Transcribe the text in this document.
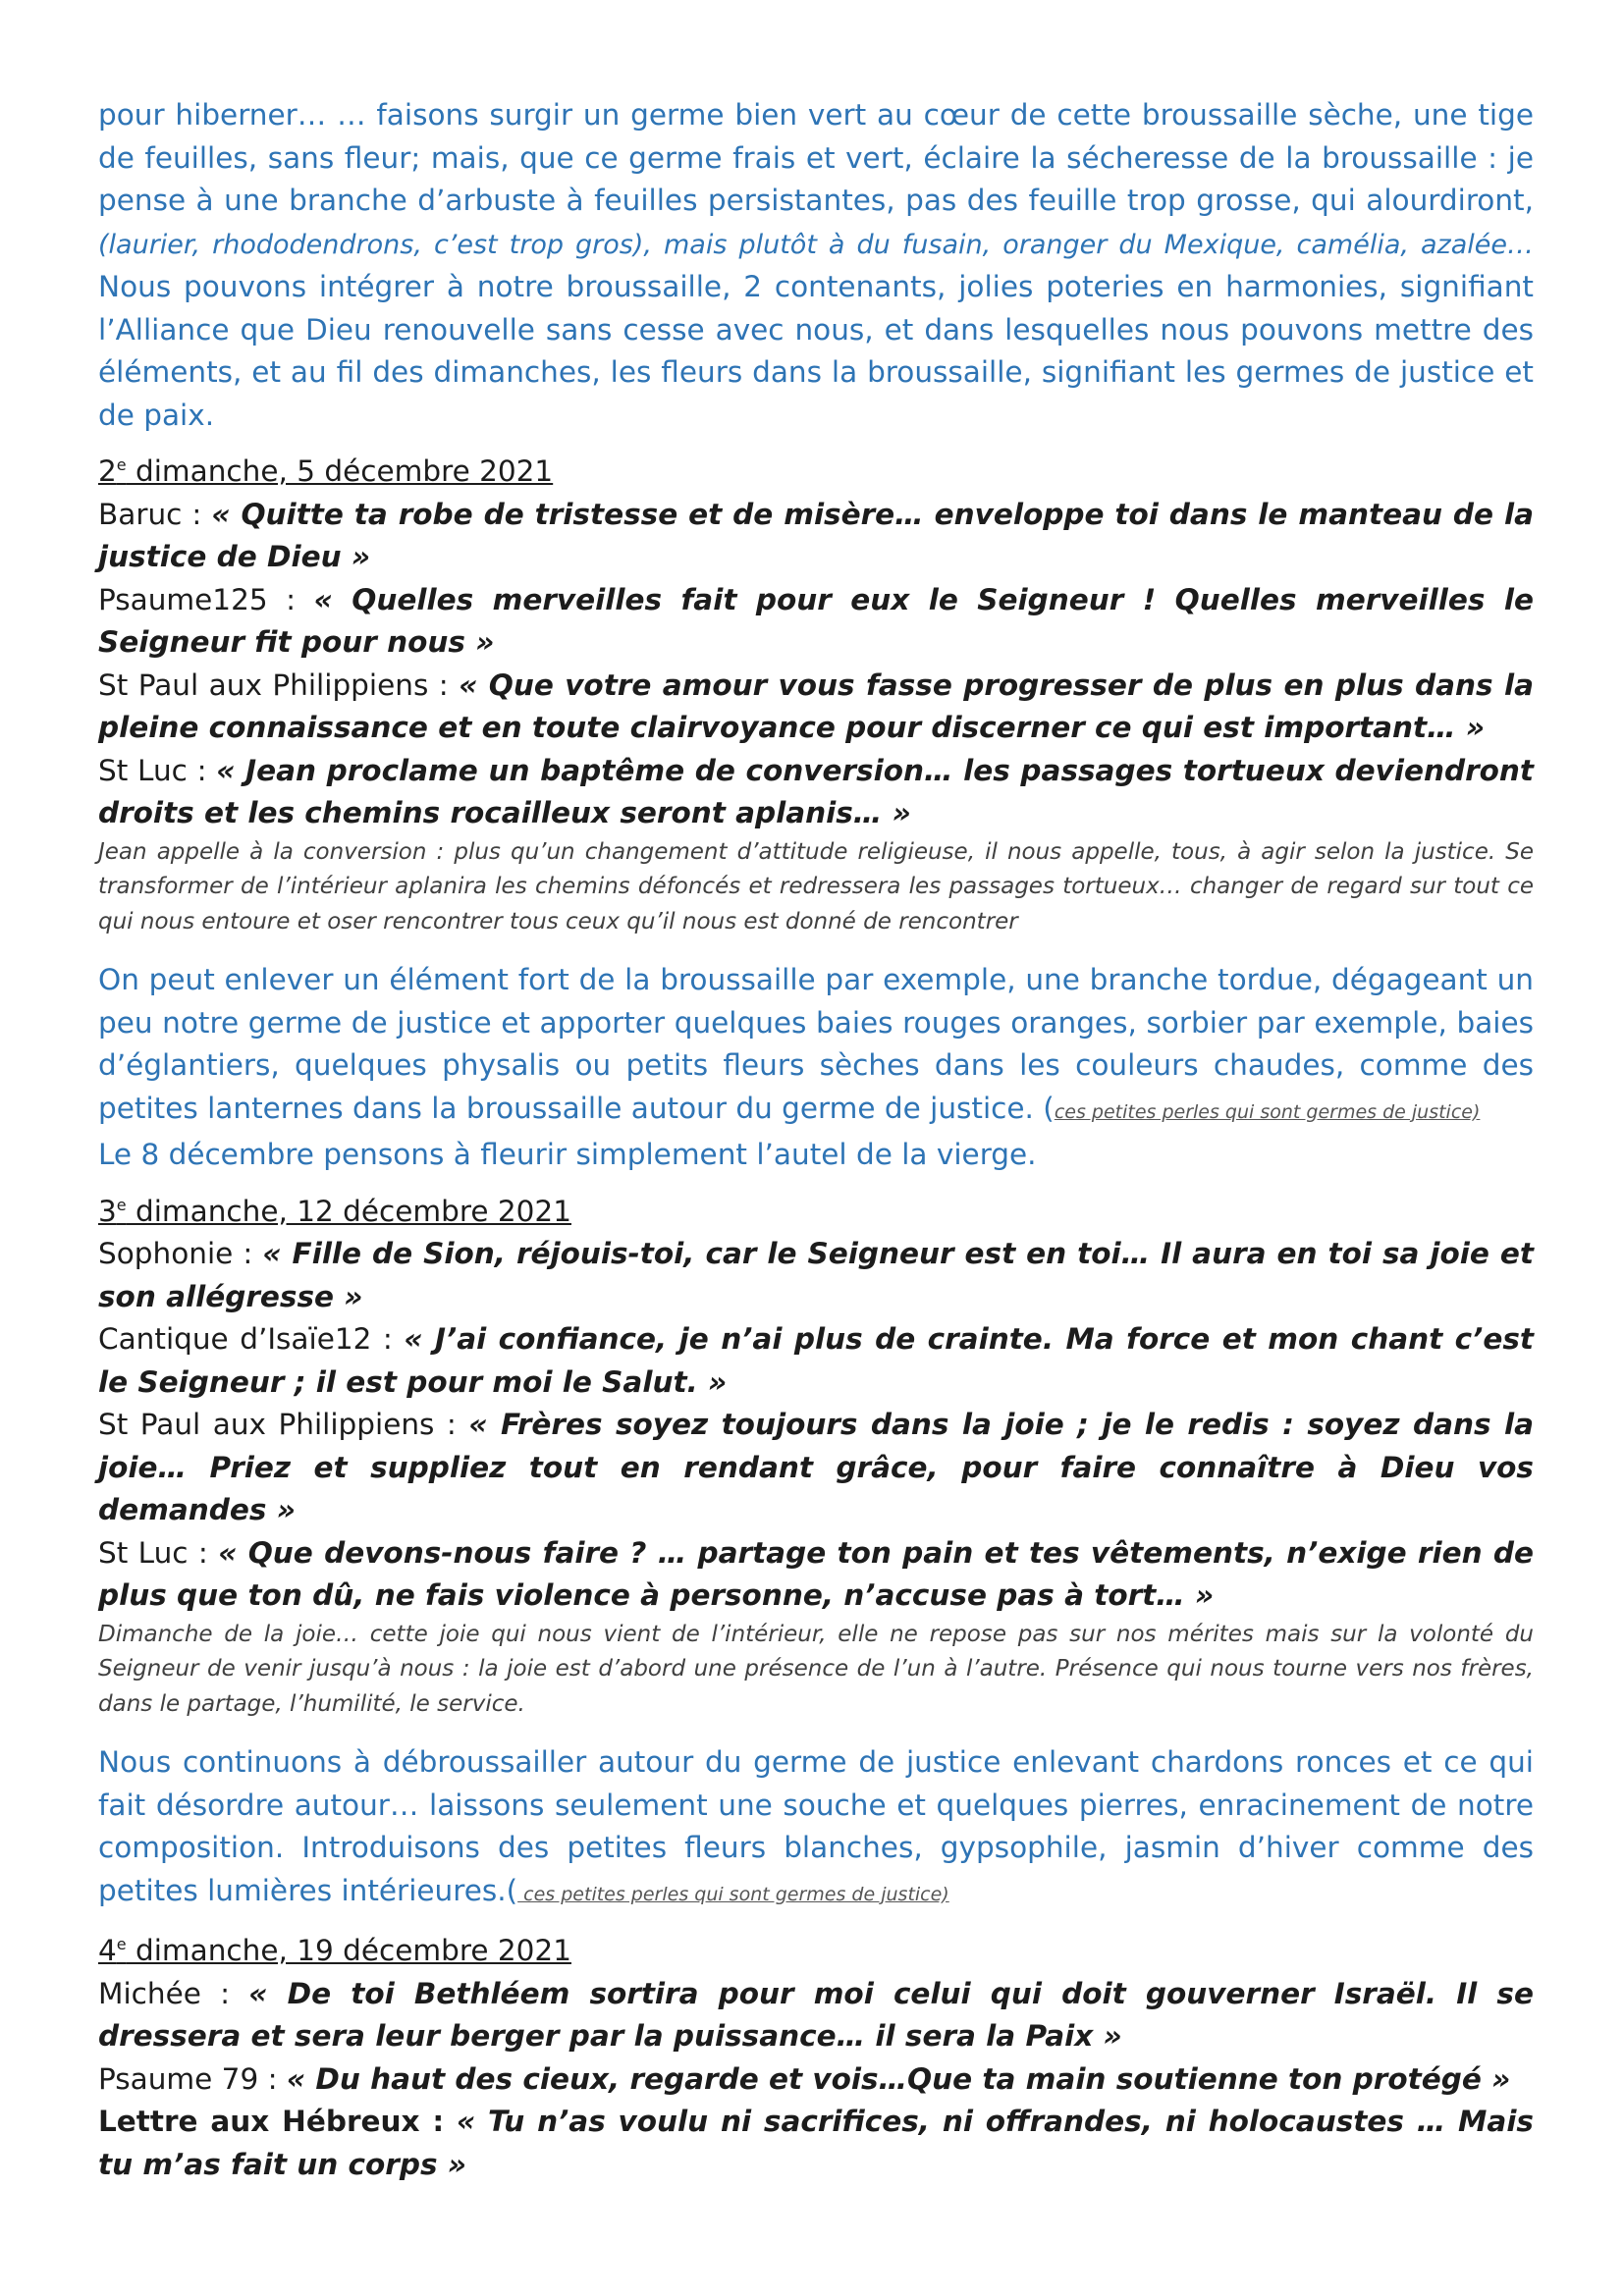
pour hiberner… … faisons surgir un germe bien vert au cœur de cette broussaille sèche, une tige de feuilles, sans fleur; mais, que ce germe frais et vert, éclaire la sécheresse de la broussaille : je pense à une branche d’arbuste à feuilles persistantes, pas des feuille trop grosse, qui alourdiront, (laurier, rhododendrons, c’est trop gros), mais plutôt à du fusain, oranger du Mexique, camélia, azalée… Nous pouvons intégrer à notre broussaille, 2 contenants, jolies poteries en harmonies, signifiant l’Alliance que Dieu renouvelle sans cesse avec nous, et dans lesquelles nous pouvons mettre des éléments, et au fil des dimanches, les fleurs dans la broussaille, signifiant les germes de justice et de paix.

2e dimanche, 5 décembre 2021

Baruc : « Quitte ta robe de tristesse et de misère… enveloppe toi dans le manteau de la justice de Dieu »

Psaume125 : « Quelles merveilles fait pour eux le Seigneur ! Quelles merveilles le Seigneur fit pour nous »

St Paul aux Philippiens : « Que votre amour vous fasse progresser de plus en plus dans la pleine connaissance et en toute clairvoyance pour discerner ce qui est important… »

St Luc : « Jean proclame un baptême de conversion… les passages tortueux deviendront droits et les chemins rocailleux seront aplanis… »

Jean appelle à la conversion : plus qu’un changement d’attitude religieuse, il nous appelle, tous, à agir selon la justice. Se transformer de l’intérieur aplanira les chemins défoncés et redressera les passages tortueux… changer de regard sur tout ce qui nous entoure et oser rencontrer tous ceux qu’il nous est donné de rencontrer

On peut enlever un élément fort de la broussaille par exemple, une branche tordue, dégageant un peu notre germe de justice et apporter quelques baies rouges oranges, sorbier par exemple, baies d’églantiers, quelques physalis ou petits fleurs sèches dans les couleurs chaudes, comme des petites lanternes dans la broussaille autour du germe de justice. (ces petites perles qui sont germes de justice)
Le 8 décembre pensons à fleurir simplement l’autel de la vierge.

3e dimanche, 12 décembre 2021

Sophonie : « Fille de Sion, réjouis-toi, car le Seigneur est en toi… Il aura en toi sa joie et son allégresse »

Cantique d’Isaïe12 : « J’ai confiance, je n’ai plus de crainte. Ma force et mon chant c’est le Seigneur ; il est pour moi le Salut. »

St Paul aux Philippiens : « Frères soyez toujours dans la joie ; je le redis : soyez dans la joie… Priez et suppliez tout en rendant grâce, pour faire connaître à Dieu vos demandes »

St Luc : « Que devons-nous faire ? … partage ton pain et tes vêtements, n’exige rien de plus que ton dû, ne fais violence à personne, n’accuse pas à tort… »

Dimanche de la joie… cette joie qui nous vient de l’intérieur, elle ne repose pas sur nos mérites mais sur la volonté du Seigneur de venir jusqu’à nous : la joie est d’abord une présence de l’un à l’autre. Présence qui nous tourne vers nos frères, dans le partage, l’humilité, le service.

Nous continuons à débroussailler autour du germe de justice enlevant chardons ronces et ce qui fait désordre autour… laissons seulement une souche et quelques pierres, enracinement de notre composition. Introduisons des petites fleurs blanches, gypsophile, jasmin d’hiver comme des petites lumières intérieures.( ces petites perles qui sont germes de justice)

4e dimanche, 19 décembre 2021

Michée : « De toi Bethléem sortira pour moi celui qui doit gouverner Israël. Il se dressera et sera leur berger par la puissance… il sera la Paix »

Psaume 79 : « Du haut des cieux, regarde et vois…Que ta main soutienne ton protégé »

Lettre aux Hébreux : « Tu n’as voulu ni sacrifices, ni offrandes, ni holocaustes … Mais tu m’as fait un corps »
